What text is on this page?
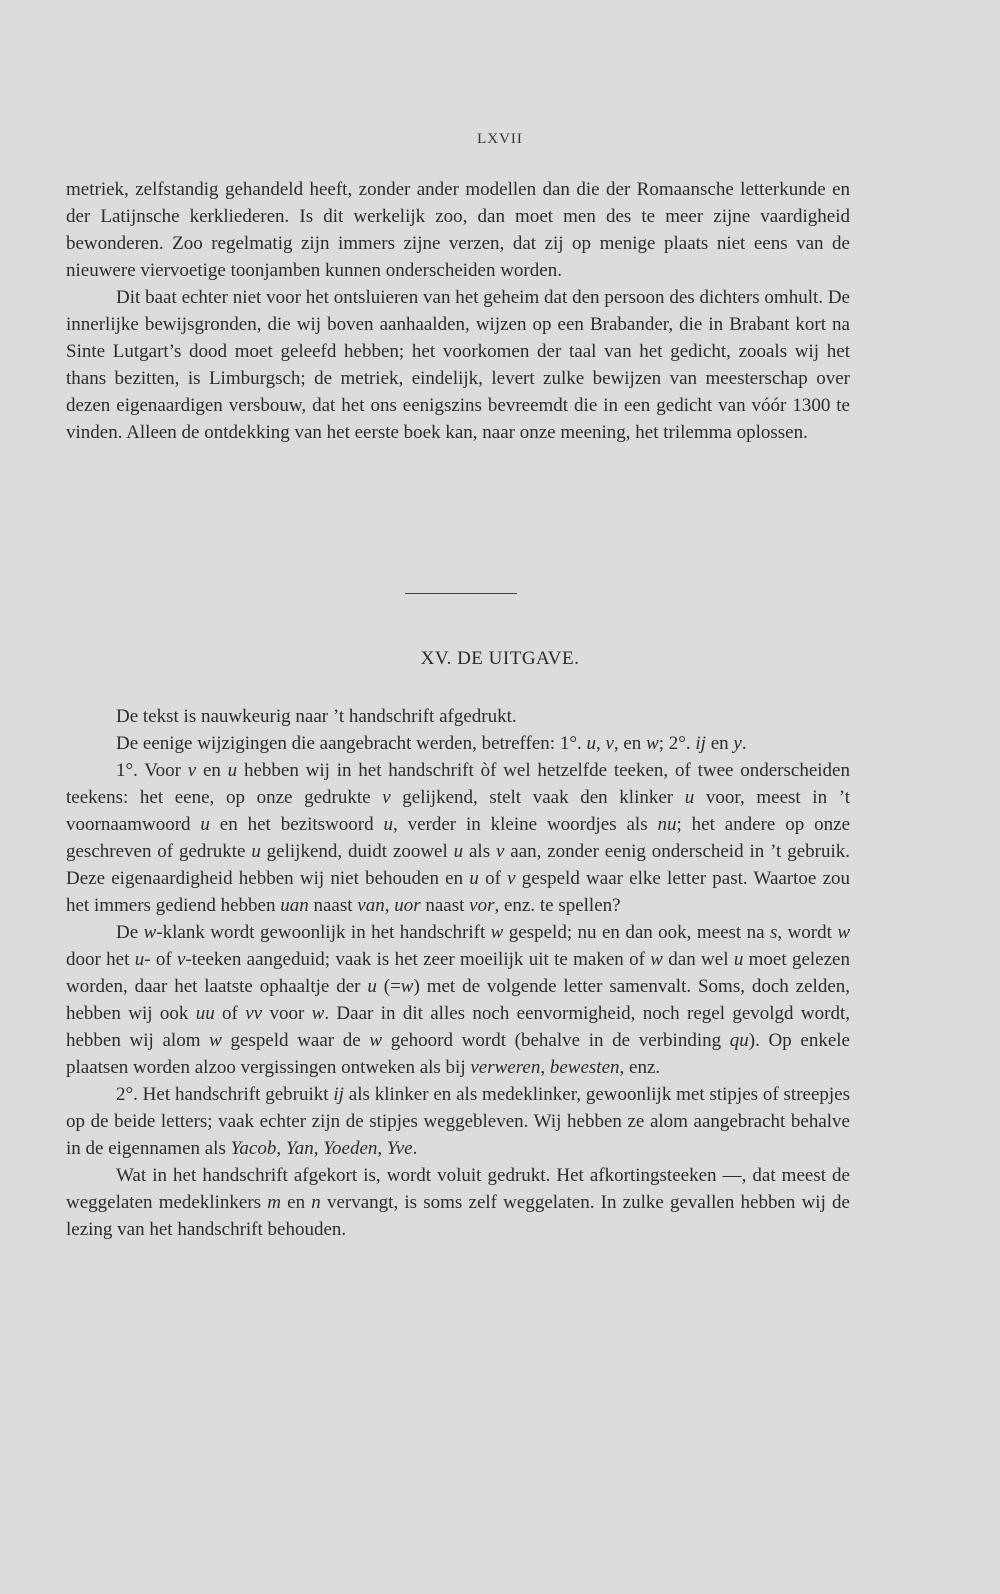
LXVII

metriek, zelfstandig gehandeld heeft, zonder ander modellen dan die der Romaansche letterkunde en der Latijnsche kerkliederen. Is dit werkelijk zoo, dan moet men des te meer zijne vaardigheid bewonderen. Zoo regelmatig zijn immers zijne verzen, dat zij op menige plaats niet eens van de nieuwere viervoetige toonjamben kunnen onderscheiden worden.

Dit baat echter niet voor het ontsluieren van het geheim dat den persoon des dichters omhult. De innerlijke bewijsgronden, die wij boven aanhaalden, wijzen op een Brabander, die in Brabant kort na Sinte Lutgart’s dood moet geleefd hebben; het voorkomen der taal van het gedicht, zooals wij het thans bezitten, is Limburgsch; de metriek, eindelijk, levert zulke bewijzen van meesterschap over dezen eigenaardigen versbouw, dat het ons eenigszins bevreemdt die in een gedicht van vóór 1300 te vinden. Alleen de ontdekking van het eerste boek kan, naar onze meening, het trilemma oplossen.

XV. DE UITGAVE.

De tekst is nauwkeurig naar ’t handschrift afgedrukt.

De eenige wijzigingen die aangebracht werden, betreffen: 1°. u, v, en w; 2°. ij en y.

1°. Voor v en u hebben wij in het handschrift òf wel hetzelfde teeken, of twee onderscheiden teekens: het eene, op onze gedrukte v gelijkend, stelt vaak den klinker u voor, meest in ’t voornaamwoord u en het bezitswoord u, verder in kleine woordjes als nu; het andere op onze geschreven of gedrukte u gelijkend, duidt zoowel u als v aan, zonder eenig onderscheid in ’t gebruik. Deze eigenaardigheid hebben wij niet behouden en u of v gespeld waar elke letter past. Waartoe zou het immers gediend hebben uan naast van, uor naast vor, enz. te spellen?

De w-klank wordt gewoonlijk in het handschrift w gespeld; nu en dan ook, meest na s, wordt w door het u- of v-teeken aangeduid; vaak is het zeer moeilijk uit te maken of w dan wel u moet gelezen worden, daar het laatste ophaaltje der u (=w) met de volgende letter samenvalt. Soms, doch zelden, hebben wij ook uu of vv voor w. Daar in dit alles noch eenvormigheid, noch regel gevolgd wordt, hebben wij alom w gespeld waar de w gehoord wordt (behalve in de verbinding qu). Op enkele plaatsen worden alzoo vergissingen ontweken als bij verweren, bewesten, enz.

2°. Het handschrift gebruikt ij als klinker en als medeklinker, gewoonlijk met stipjes of streepjes op de beide letters; vaak echter zijn de stipjes weggebleven. Wij hebben ze alom aangebracht behalve in de eigennamen als Yacob, Yan, Yoeden, Yve.

Wat in het handschrift afgekort is, wordt voluit gedrukt. Het afkortingsteeken —, dat meest de weggelaten medeklinkers m en n vervangt, is soms zelf weggelaten. In zulke gevallen hebben wij de lezing van het handschrift behouden.
